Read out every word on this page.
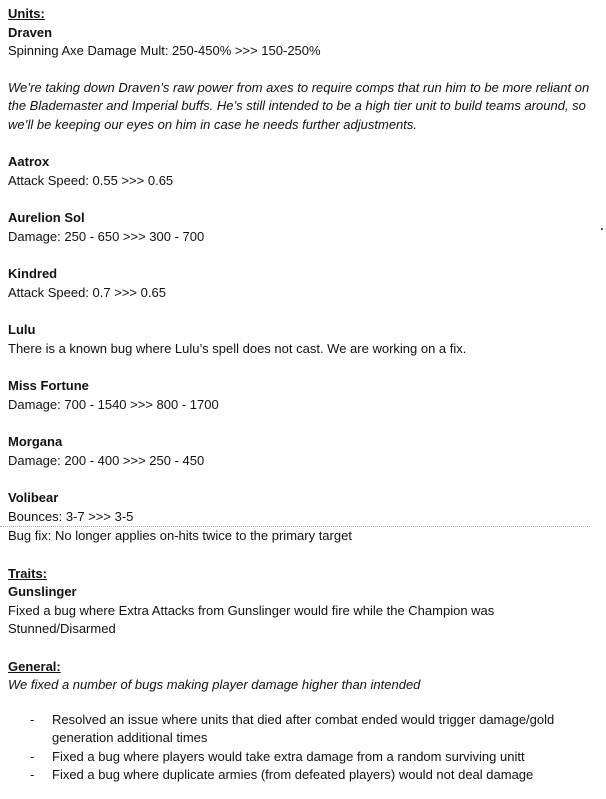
Units:

Draven

Spinning Axe Damage Mult: 250-450% >>> 150-250%

We’re taking down Draven’s raw power from axes to require comps that run him to be more reliant on the Blademaster and Imperial buffs. He’s still intended to be a high tier unit to build teams around, so we’ll be keeping our eyes on him in case he needs further adjustments.

Aatrox

Attack Speed: 0.55 >>> 0.65

Aurelion Sol

Damage: 250 - 650 >>> 300 - 700

Kindred

Attack Speed: 0.7 >>> 0.65

Lulu

There is a known bug where Lulu’s spell does not cast. We are working on a fix.

Miss Fortune

Damage: 700 - 1540 >>> 800 - 1700

Morgana

Damage: 200 - 400 >>> 250 - 450

Volibear

Bounces: 3-7 >>> 3-5

Bug fix: No longer applies on-hits twice to the primary target

Traits:

Gunslinger

Fixed a bug where Extra Attacks from Gunslinger would fire while the Champion was Stunned/Disarmed

General:

We fixed a number of bugs making player damage higher than intended

- Resolved an issue where units that died after combat ended would trigger damage/gold generation additional times
- Fixed a bug where players would take extra damage from a random surviving unitt
- Fixed a bug where duplicate armies (from defeated players) would not deal damage
